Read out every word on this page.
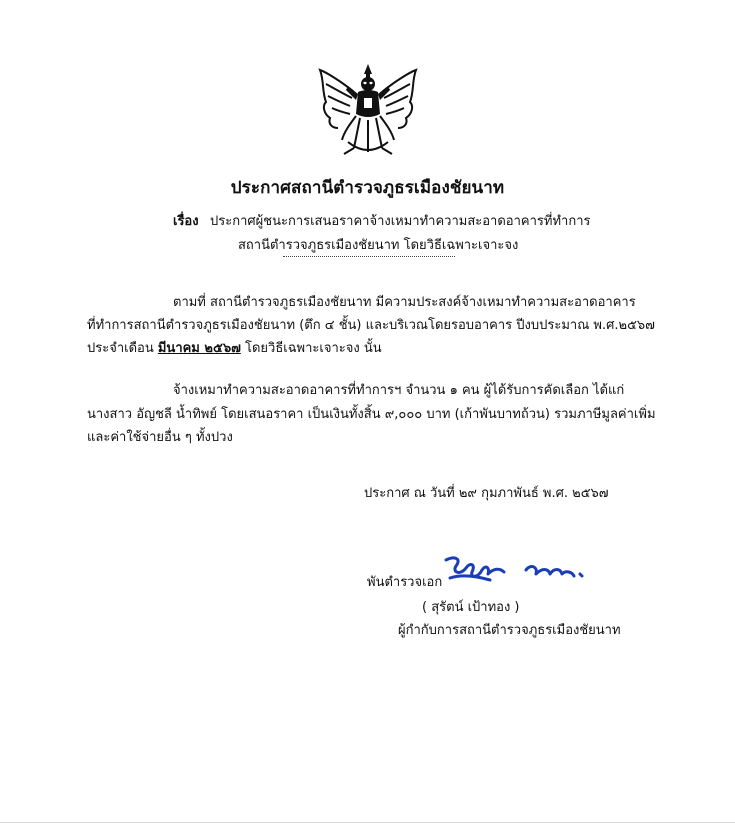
ประกาศสถานีตำรวจภูธรเมืองชัยนาท
เรื่อง ประกาศผู้ชนะการเสนอราคาจ้างเหมาทำความสะอาดอาคารที่ทำการ
สถานีตำรวจภูธรเมืองชัยนาท โดยวิธีเฉพาะเจาะจง
ตามที่ สถานีตำรวจภูธรเมืองชัยนาท มีความประสงค์จ้างเหมาทำความสะอาดอาคาร
ที่ทำการสถานีตำรวจภูธรเมืองชัยนาท (ตึก ๔ ชั้น) และบริเวณโดยรอบอาคาร ปีงบประมาณ พ.ศ.๒๕๖๗
ประจำเดือน มีนาคม ๒๕๖๗ โดยวิธีเฉพาะเจาะจง นั้น
จ้างเหมาทำความสะอาดอาคารที่ทำการฯ จำนวน ๑ คน ผู้ได้รับการคัดเลือก ได้แก่
นางสาว อัญชลี น้ำทิพย์ โดยเสนอราคา เป็นเงินทั้งสิ้น ๙,๐๐๐ บาท (เก้าพันบาทถ้วน) รวมภาษีมูลค่าเพิ่ม
และค่าใช้จ่ายอื่น ๆ ทั้งปวง
ประกาศ ณ วันที่ ๒๙ กุมภาพันธ์ พ.ศ. ๒๕๖๗
พันตำรวจเอก
( สุรัตน์ เป้าทอง )
ผู้กำกับการสถานีตำรวจภูธรเมืองชัยนาท
